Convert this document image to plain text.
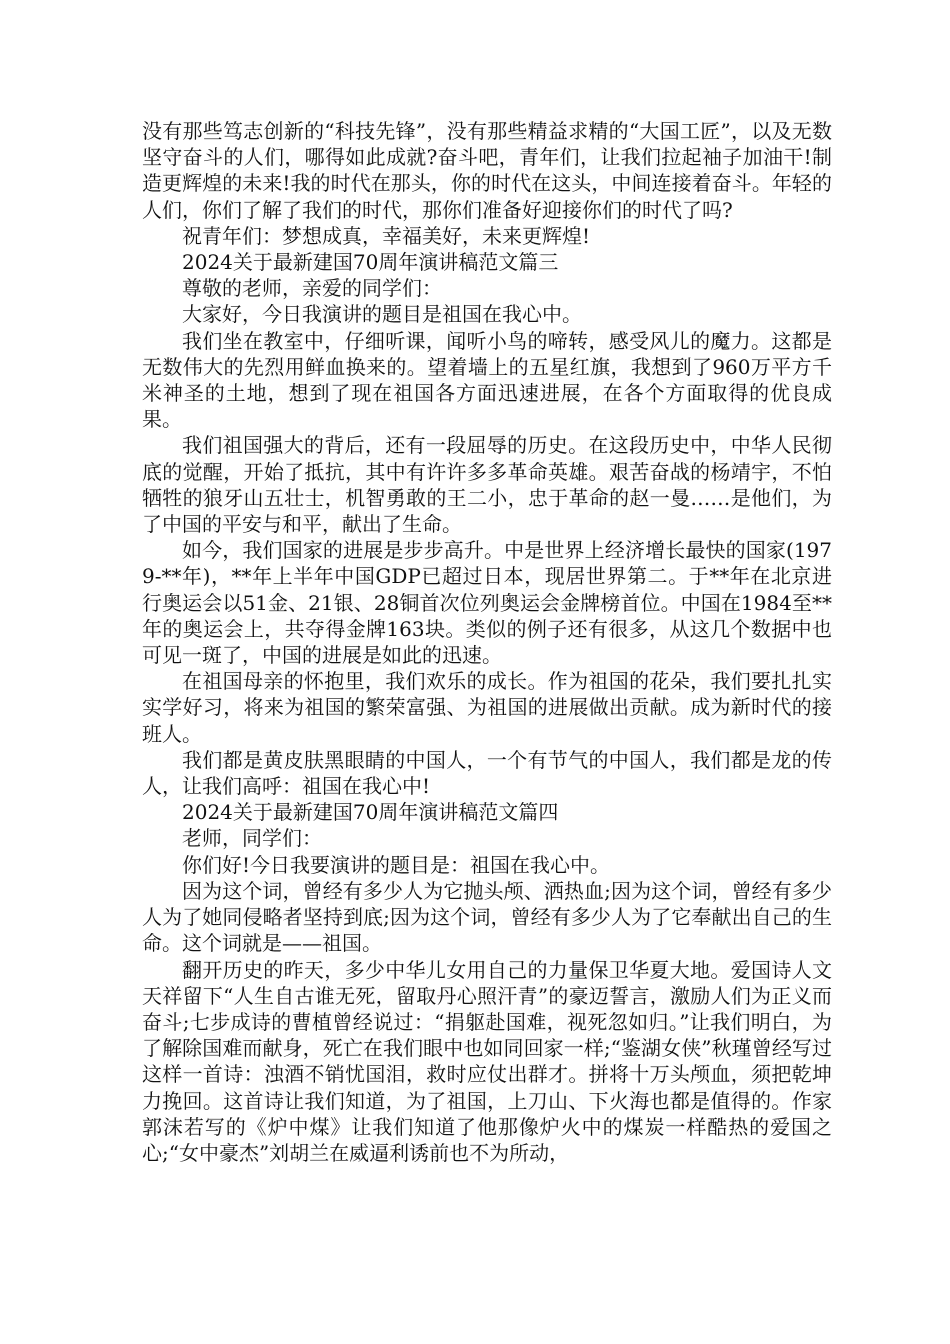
没有那些笃志创新的“科技先锋”，没有那些精益求精的“大国工匠”，以及无数坚守奋斗的人们，哪得如此成就?奋斗吧，青年们，让我们拉起袖子加油干!制造更辉煌的未来!我的时代在那头，你的时代在这头，中间连接着奋斗。年轻的人们，你们了解了我们的时代，那你们准备好迎接你们的时代了吗?

祝青年们：梦想成真，幸福美好，未来更辉煌!

2024关于最新建国70周年演讲稿范文篇三

尊敬的老师，亲爱的同学们：

大家好，今日我演讲的题目是祖国在我心中。

我们坐在教室中，仔细听课，闻听小鸟的啼转，感受风儿的魔力。这都是无数伟大的先烈用鲜血换来的。望着墙上的五星红旗，我想到了960万平方千米神圣的土地，想到了现在祖国各方面迅速进展，在各个方面取得的优良成果。

我们祖国强大的背后，还有一段屈辱的历史。在这段历史中，中华人民彻底的觉醒，开始了抵抗，其中有许许多多革命英雄。艰苦奋战的杨靖宇，不怕牺牲的狼牙山五壮士，机智勇敢的王二小，忠于革命的赵一曼……是他们，为了中国的平安与和平，献出了生命。

如今，我们国家的进展是步步高升。中是世界上经济增长最快的国家(1979-**年)，**年上半年中国GDP已超过日本，现居世界第二。于**年在北京进行奥运会以51金、21银、28铜首次位列奥运会金牌榜首位。中国在1984至**年的奥运会上，共夺得金牌163块。类似的例子还有很多，从这几个数据中也可见一斑了，中国的进展是如此的迅速。

在祖国母亲的怀抱里，我们欢乐的成长。作为祖国的花朵，我们要扎扎实实学好习，将来为祖国的繁荣富强、为祖国的进展做出贡献。成为新时代的接班人。

我们都是黄皮肤黑眼睛的中国人，一个有节气的中国人，我们都是龙的传人，让我们高呼：祖国在我心中!

2024关于最新建国70周年演讲稿范文篇四

老师，同学们：

你们好!今日我要演讲的题目是：祖国在我心中。

因为这个词，曾经有多少人为它抛头颅、洒热血;因为这个词，曾经有多少人为了她同侵略者坚持到底;因为这个词，曾经有多少人为了它奉献出自己的生命。这个词就是——祖国。

翻开历史的昨天，多少中华儿女用自己的力量保卫华夏大地。爱国诗人文天祥留下“人生自古谁无死，留取丹心照汗青”的豪迈誓言，激励人们为正义而奋斗;七步成诗的曹植曾经说过：“捐躯赴国难，视死忽如归。”让我们明白，为了解除国难而献身，死亡在我们眼中也如同回家一样;“鉴湖女侠”秋瑾曾经写过这样一首诗：浊酒不销忧国泪，救时应仗出群才。拼将十万头颅血，须把乾坤力挽回。这首诗让我们知道，为了祖国，上刀山、下火海也都是值得的。作家郭沫若写的《炉中煤》让我们知道了他那像炉火中的煤炭一样酷热的爱国之心;“女中豪杰”刘胡兰在威逼利诱前也不为所动，
